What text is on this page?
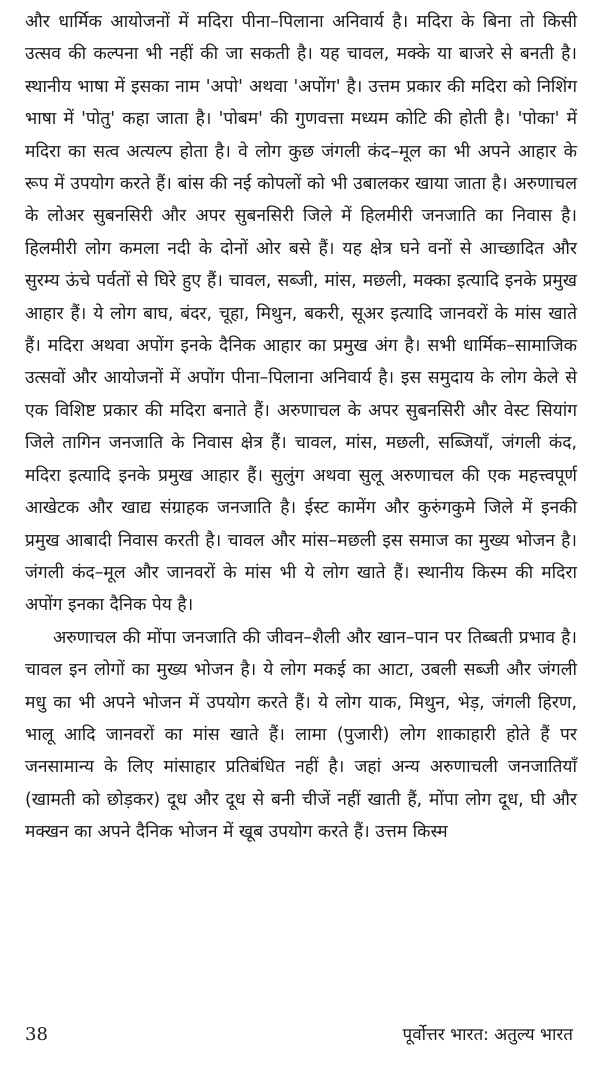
और धार्मिक आयोजनों में मदिरा पीना–पिलाना अनिवार्य है। मदिरा के बिना तो किसी उत्सव की कल्पना भी नहीं की जा सकती है। यह चावल, मक्के या बाजरे से बनती है। स्थानीय भाषा में इसका नाम 'अपो' अथवा 'अपोंग' है। उत्तम प्रकार की मदिरा को निशिंग भाषा में 'पोतु' कहा जाता है। 'पोबम' की गुणवत्ता मध्यम कोटि की होती है। 'पोका' में मदिरा का सत्व अत्यल्प होता है। वे लोग कुछ जंगली कंद–मूल का भी अपने आहार के रूप में उपयोग करते हैं। बांस की नई कोपलों को भी उबालकर खाया जाता है। अरुणाचल के लोअर सुबनसिरी और अपर सुबनसिरी जिले में हिलमीरी जनजाति का निवास है। हिलमीरी लोग कमला नदी के दोनों ओर बसे हैं। यह क्षेत्र घने वनों से आच्छादित और सुरम्य ऊंचे पर्वतों से घिरे हुए हैं। चावल, सब्जी, मांस, मछली, मक्का इत्यादि इनके प्रमुख आहार हैं। ये लोग बाघ, बंदर, चूहा, मिथुन, बकरी, सूअर इत्यादि जानवरों के मांस खाते हैं। मदिरा अथवा अपोंग इनके दैनिक आहार का प्रमुख अंग है। सभी धार्मिक–सामाजिक उत्सवों और आयोजनों में अपोंग पीना–पिलाना अनिवार्य है। इस समुदाय के लोग केले से एक विशिष्ट प्रकार की मदिरा बनाते हैं। अरुणाचल के अपर सुबनसिरी और वेस्ट सियांग जिले तागिन जनजाति के निवास क्षेत्र हैं। चावल, मांस, मछली, सब्जियाँ, जंगली कंद, मदिरा इत्यादि इनके प्रमुख आहार हैं। सुलुंग अथवा सुलू अरुणाचल की एक महत्त्वपूर्ण आखेटक और खाद्य संग्राहक जनजाति है। ईस्ट कामेंग और कुरुंगकुमे जिले में इनकी प्रमुख आबादी निवास करती है। चावल और मांस–मछली इस समाज का मुख्य भोजन है। जंगली कंद–मूल और जानवरों के मांस भी ये लोग खाते हैं। स्थानीय किस्म की मदिरा अपोंग इनका दैनिक पेय है।

अरुणाचल की मोंपा जनजाति की जीवन–शैली और खान–पान पर तिब्बती प्रभाव है। चावल इन लोगों का मुख्य भोजन है। ये लोग मकई का आटा, उबली सब्जी और जंगली मधु का भी अपने भोजन में उपयोग करते हैं। ये लोग याक, मिथुन, भेड़, जंगली हिरण, भालू आदि जानवरों का मांस खाते हैं। लामा (पुजारी) लोग शाकाहारी होते हैं पर जनसामान्य के लिए मांसाहार प्रतिबंधित नहीं है। जहां अन्य अरुणाचली जनजातियाँ (खामती को छोड़कर) दूध और दूध से बनी चीजें नहीं खाती हैं, मोंपा लोग दूध, घी और मक्खन का अपने दैनिक भोजन में खूब उपयोग करते हैं। उत्तम किस्म

38	पूर्वोत्तर भारत: अतुल्य भारत
